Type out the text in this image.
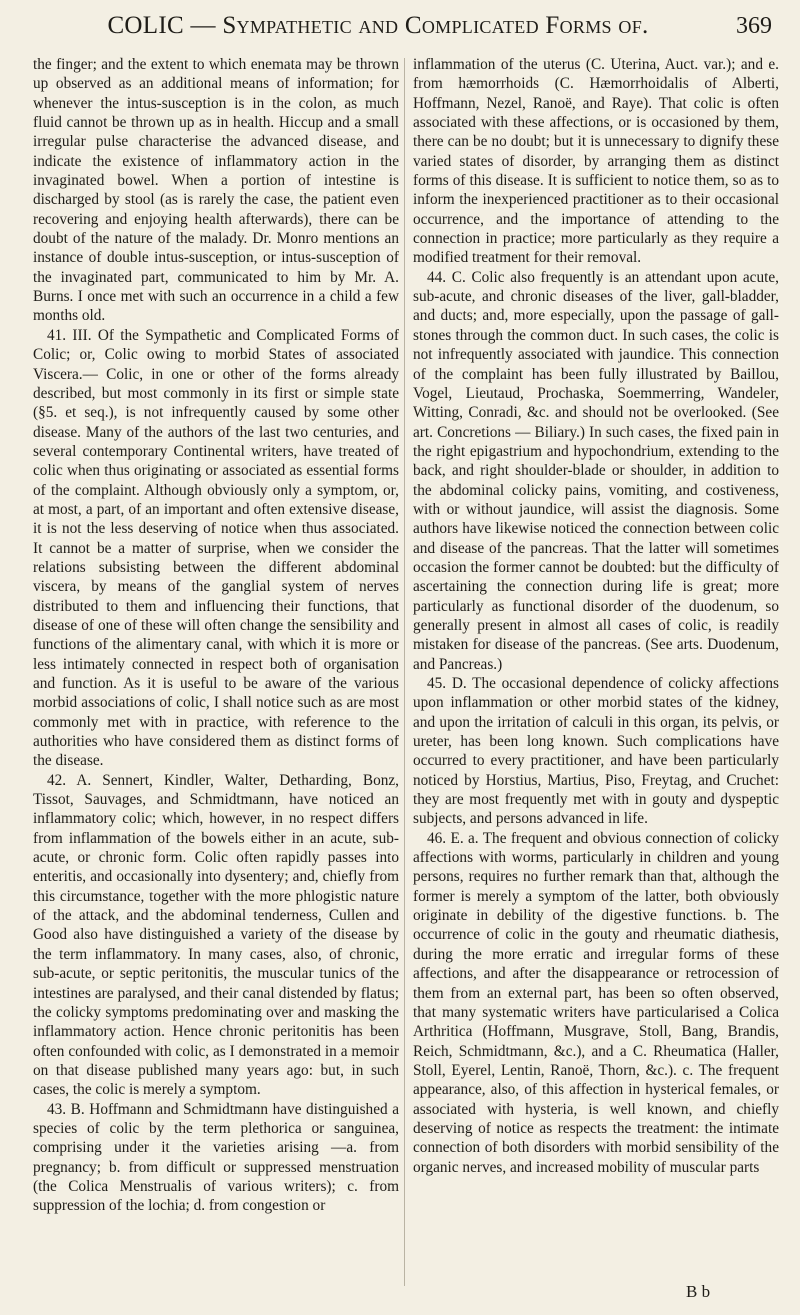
COLIC — Sympathetic and Complicated Forms of.	369

the finger; and the extent to which enemata may be thrown up observed as an additional means of information; for whenever the intus-susception is in the colon, as much fluid cannot be thrown up as in health. Hiccup and a small irregular pulse characterise the advanced disease, and indicate the existence of inflammatory action in the invaginated bowel. When a portion of intestine is discharged by stool (as is rarely the case, the patient even recovering and enjoying health afterwards), there can be doubt of the nature of the malady. Dr. Monro mentions an instance of double intus-susception, or intus-susception of the invaginated part, communicated to him by Mr. A. Burns. I once met with such an occurrence in a child a few months old.

41. III. Of the Sympathetic and Complicated Forms of Colic; or, Colic owing to morbid States of associated Viscera.— Colic, in one or other of the forms already described, but most commonly in its first or simple state (§5. et seq.), is not infrequently caused by some other disease. Many of the authors of the last two centuries, and several contemporary Continental writers, have treated of colic when thus originating or associated as essential forms of the complaint. Although obviously only a symptom, or, at most, a part, of an important and often extensive disease, it is not the less deserving of notice when thus associated. It cannot be a matter of surprise, when we consider the relations subsisting between the different abdominal viscera, by means of the ganglial system of nerves distributed to them and influencing their functions, that disease of one of these will often change the sensibility and functions of the alimentary canal, with which it is more or less intimately connected in respect both of organisation and function. As it is useful to be aware of the various morbid associations of colic, I shall notice such as are most commonly met with in practice, with reference to the authorities who have considered them as distinct forms of the disease.

42. A. Sennert, Kindler, Walter, Detharding, Bonz, Tissot, Sauvages, and Schmidtmann, have noticed an inflammatory colic; which, however, in no respect differs from inflammation of the bowels either in an acute, sub-acute, or chronic form. Colic often rapidly passes into enteritis, and occasionally into dysentery; and, chiefly from this circumstance, together with the more phlogistic nature of the attack, and the abdominal tenderness, Cullen and Good also have distinguished a variety of the disease by the term inflammatory. In many cases, also, of chronic, sub-acute, or septic peritonitis, the muscular tunics of the intestines are paralysed, and their canal distended by flatus; the colicky symptoms predominating over and masking the inflammatory action. Hence chronic peritonitis has been often confounded with colic, as I demonstrated in a memoir on that disease published many years ago: but, in such cases, the colic is merely a symptom.

43. B. Hoffmann and Schmidtmann have distinguished a species of colic by the term plethorica or sanguinea, comprising under it the varieties arising —a. from pregnancy; b. from difficult or suppressed menstruation (the Colica Menstrualis of various writers); c. from suppression of the lochia; d. from congestion or

inflammation of the uterus (C. Uterina, Auct. var.); and e. from hæmorrhoids (C. Hæmorrhoidalis of Alberti, Hoffmann, Nezel, Ranoë, and Raye). That colic is often associated with these affections, or is occasioned by them, there can be no doubt; but it is unnecessary to dignify these varied states of disorder, by arranging them as distinct forms of this disease. It is sufficient to notice them, so as to inform the inexperienced practitioner as to their occasional occurrence, and the importance of attending to the connection in practice; more particularly as they require a modified treatment for their removal.

44. C. Colic also frequently is an attendant upon acute, sub-acute, and chronic diseases of the liver, gall-bladder, and ducts; and, more especially, upon the passage of gall-stones through the common duct. In such cases, the colic is not infrequently associated with jaundice. This connection of the complaint has been fully illustrated by Baillou, Vogel, Lieutaud, Prochaska, Soemmerring, Wandeler, Witting, Conradi, &c. and should not be overlooked. (See art. Concretions — Biliary.) In such cases, the fixed pain in the right epigastrium and hypochondrium, extending to the back, and right shoulder-blade or shoulder, in addition to the abdominal colicky pains, vomiting, and costiveness, with or without jaundice, will assist the diagnosis. Some authors have likewise noticed the connection between colic and disease of the pancreas. That the latter will sometimes occasion the former cannot be doubted: but the difficulty of ascertaining the connection during life is great; more particularly as functional disorder of the duodenum, so generally present in almost all cases of colic, is readily mistaken for disease of the pancreas. (See arts. Duodenum, and Pancreas.)

45. D. The occasional dependence of colicky affections upon inflammation or other morbid states of the kidney, and upon the irritation of calculi in this organ, its pelvis, or ureter, has been long known. Such complications have occurred to every practitioner, and have been particularly noticed by Horstius, Martius, Piso, Freytag, and Cruchet: they are most frequently met with in gouty and dyspeptic subjects, and persons advanced in life.

46. E. a. The frequent and obvious connection of colicky affections with worms, particularly in children and young persons, requires no further remark than that, although the former is merely a symptom of the latter, both obviously originate in debility of the digestive functions. b. The occurrence of colic in the gouty and rheumatic diathesis, during the more erratic and irregular forms of these affections, and after the disappearance or retrocession of them from an external part, has been so often observed, that many systematic writers have particularised a Colica Arthritica (Hoffmann, Musgrave, Stoll, Bang, Brandis, Reich, Schmidtmann, &c.), and a C. Rheumatica (Haller, Stoll, Eyerel, Lentin, Ranoë, Thorn, &c.). c. The frequent appearance, also, of this affection in hysterical females, or associated with hysteria, is well known, and chiefly deserving of notice as respects the treatment: the intimate connection of both disorders with morbid sensibility of the organic nerves, and increased mobility of muscular parts

B b
